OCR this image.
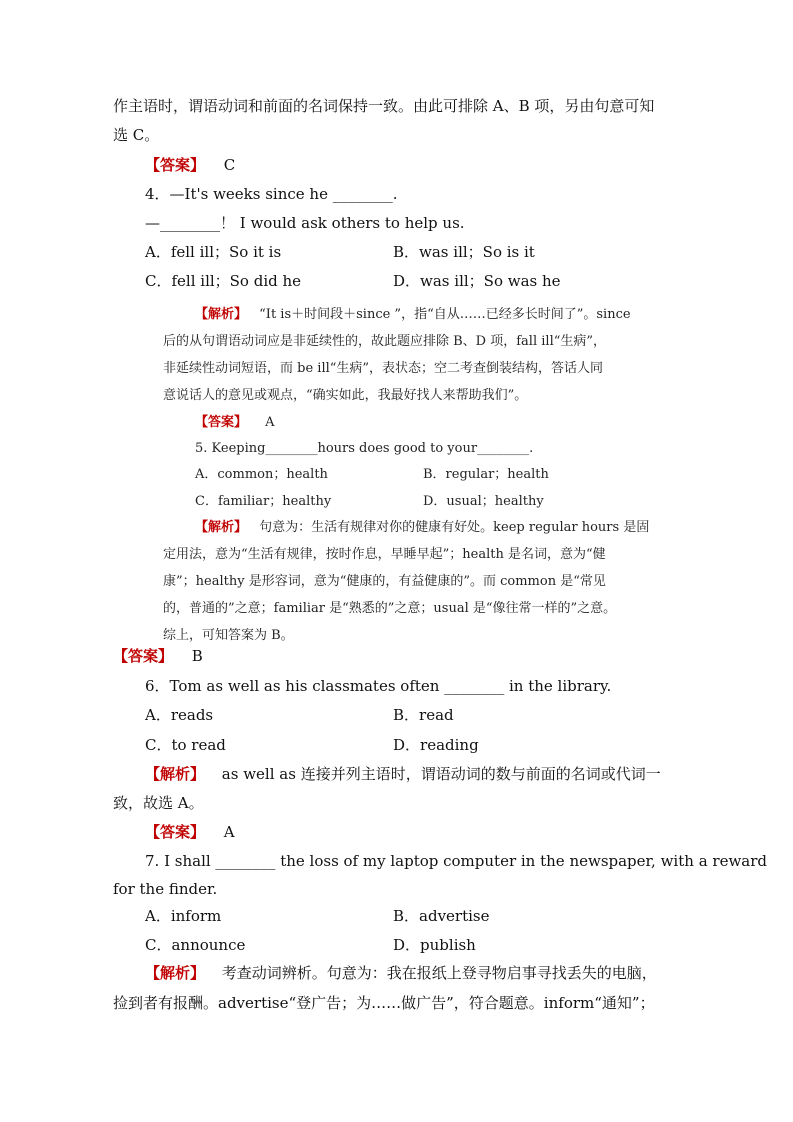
作主语时，谓语动词和前面的名词保持一致。由此可排除 A、B 项，另由句意可知
选 C。
【答案】 C
4．—It's weeks since he ________.
—________！ I would ask others to help us.
A．fell ill；So it is	B．was ill；So is it
C．fell ill；So did he	D．was ill；So was he
【解析】 “It is＋时间段＋since ”，指“自从……已经多长时间了”。since
后的从句谓语动词应是非延续性的，故此题应排除 B、D 项，fall ill“生病”，
非延续性动词短语，而 be ill“生病”，表状态；空二考查倒装结构，答话人同
意说话人的意见或观点，“确实如此，我最好找人来帮助我们”。
【答案】 A
5. Keeping________hours does good to your________.
A．common；health	B．regular；health
C．familiar；healthy	D．usual；healthy
【解析】 句意为：生活有规律对你的健康有好处。keep regular hours 是固
定用法，意为“生活有规律，按时作息，早睡早起”；health 是名词，意为“健
康”；healthy 是形容词，意为“健康的，有益健康的”。而 common 是“常见
的，普通的”之意；familiar 是“熟悉的”之意；usual 是“像往常一样的”之意。
综上，可知答案为 B。
【答案】 B
6．Tom as well as his classmates often ________ in the library.
A．reads	B．read
C．to read	D．reading
【解析】 as well as 连接并列主语时，谓语动词的数与前面的名词或代词一
致，故选 A。
【答案】 A
7. I shall ________ the loss of my laptop computer in the newspaper, with a reward
for the finder.
A．inform	B．advertise
C．announce	D．publish
【解析】 考查动词辨析。句意为：我在报纸上登寻物启事寻找丢失的电脑，
捡到者有报酬。advertise“登广告；为……做广告”，符合题意。inform“通知”；
